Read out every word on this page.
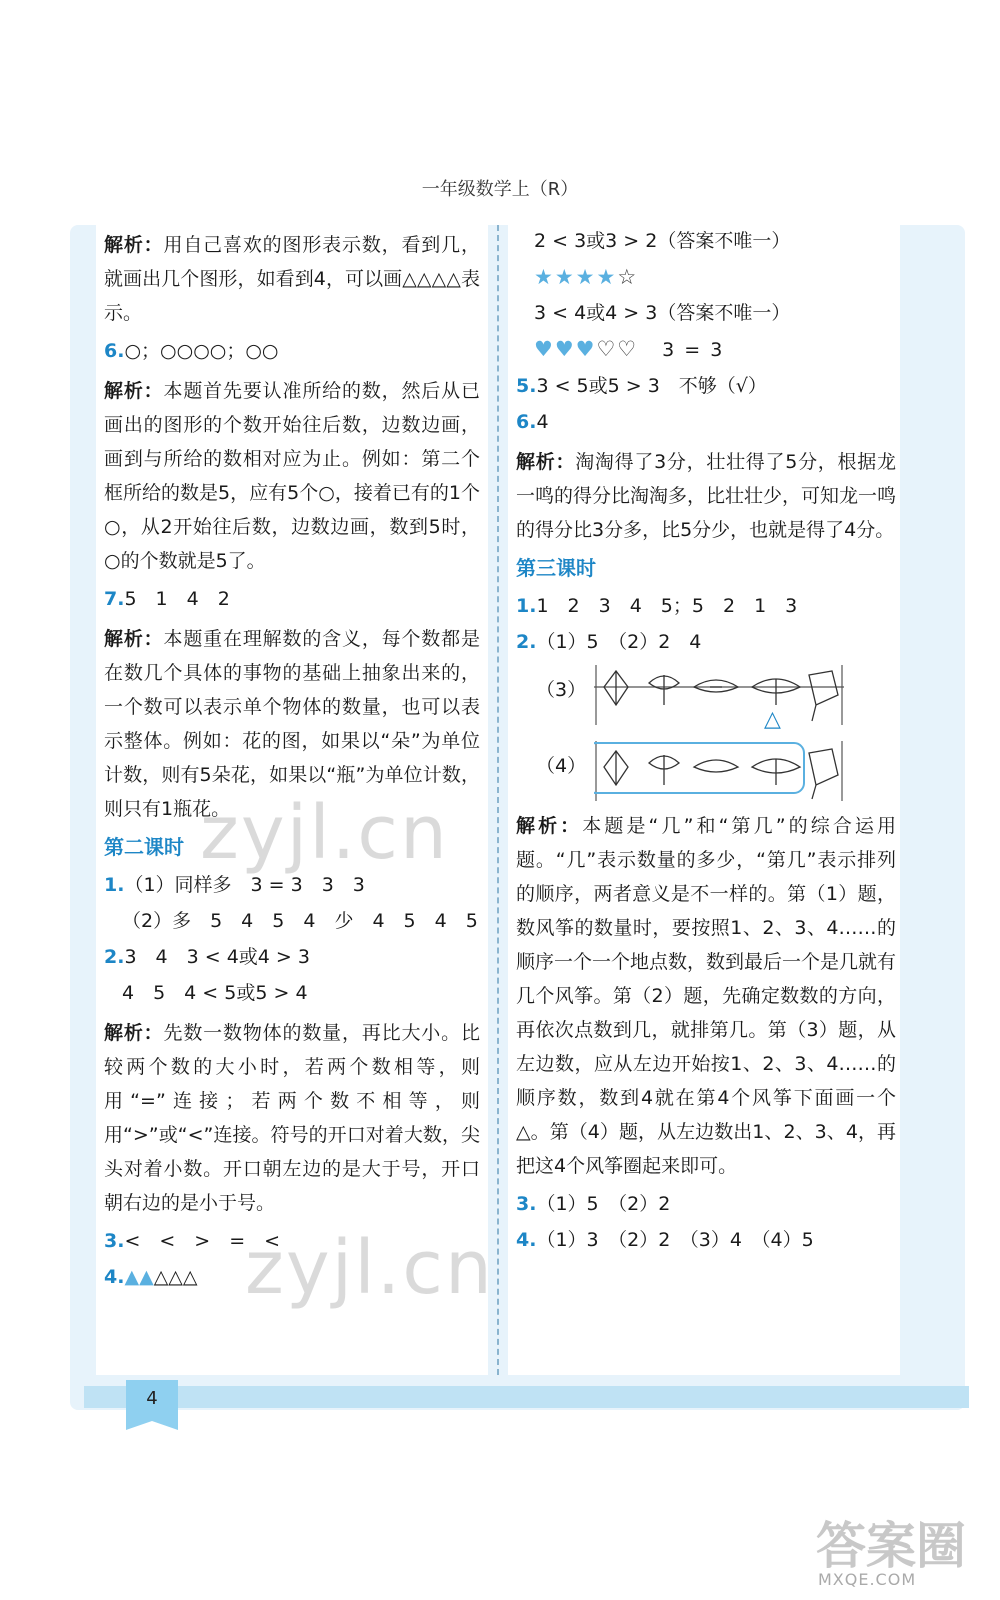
一年级数学上（R）
解析：用自己喜欢的图形表示数，看到几，就画出几个图形，如看到4，可以画△△△△表示。
6.○；○○○○；○○
解析：本题首先要认准所给的数，然后从已画出的图形的个数开始往后数，边数边画，画到与所给的数相对应为止。例如：第二个框所给的数是5，应有5个○，接着已有的1个○，从2开始往后数，边数边画，数到5时，○的个数就是5了。
7.5　1　4　2
解析：本题重在理解数的含义，每个数都是在数几个具体的事物的基础上抽象出来的，一个数可以表示单个物体的数量，也可以表示整体。例如：花的图，如果以“朵”为单位计数，则有5朵花，如果以“瓶”为单位计数，则只有1瓶花。
第二课时
1.（1）同样多　3 = 3　3　3
（2）多　5　4　5　4　少　4　5　4　5
2.3　4　3 < 4或4 > 3
4　5　4 < 5或5 > 4
解析：先数一数物体的数量，再比大小。比较两个数的大小时，若两个数相等，则用“=”连接；若两个数不相等，则用“>”或“<”连接。符号的开口对着大数，尖头对着小数。开口朝左边的是大于号，开口朝右边的是小于号。
3.<　<　>　=　<
4.▲▲△△△
2 < 3或3 > 2（答案不唯一）
★★★★☆
3 < 4或4 > 3（答案不唯一）
♥♥♥♡♡ 3 = 3
5.3 < 5或5 > 3　不够（√）
6.4
解析：淘淘得了3分，壮壮得了5分，根据龙一鸣的得分比淘淘多，比壮壮少，可知龙一鸣的得分比3分多，比5分少，也就是得了4分。
第三课时
1.1　2　3　4　5；5　2　1　3
2.（1）5　（2）2　4
（3）
△
（4）
解析：本题是“几”和“第几”的综合运用题。“几”表示数量的多少，“第几”表示排列的顺序，两者意义是不一样的。第（1）题，数风筝的数量时，要按照1、2、3、4……的顺序一个一个地点数，数到最后一个是几就有几个风筝。第（2）题，先确定数数的方向，再依次点数到几，就排第几。第（3）题，从左边数，应从左边开始按1、2、3、4……的顺序数，数到4就在第4个风筝下面画一个△。第（4）题，从左边数出1、2、3、4，再把这4个风筝圈起来即可。
3.（1）5　（2）2
4.（1）3　（2）2　（3）4　（4）5
4
zyjl.cn
zyjl.cn
答案圈
MXQE.COM
